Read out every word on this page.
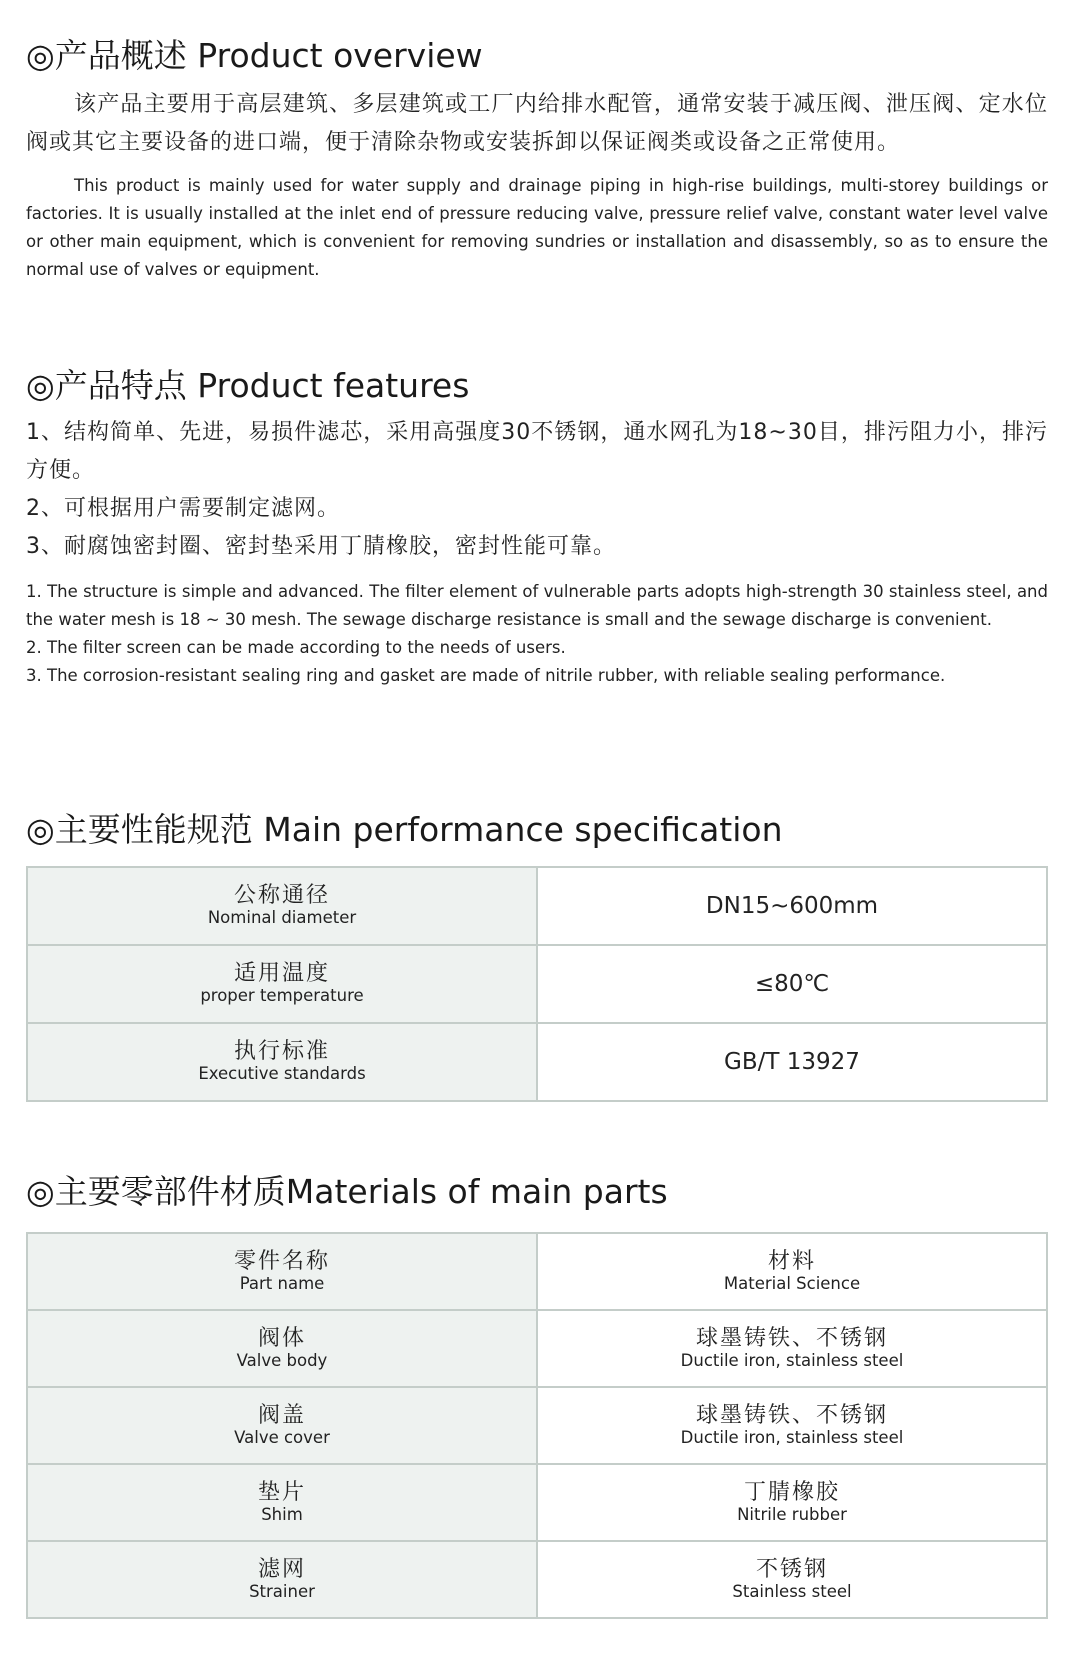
◎产品概述 Product overview

该产品主要用于高层建筑、多层建筑或工厂内给排水配管，通常安装于减压阀、泄压阀、定水位阀或其它主要设备的进口端，便于清除杂物或安装拆卸以保证阀类或设备之正常使用。

This product is mainly used for water supply and drainage piping in high-rise buildings, multi-storey buildings or factories. It is usually installed at the inlet end of pressure reducing valve, pressure relief valve, constant water level valve or other main equipment, which is convenient for removing sundries or installation and disassembly, so as to ensure the normal use of valves or equipment.

◎产品特点 Product features

1、结构简单、先进，易损件滤芯，采用高强度30不锈钢，通水网孔为18~30目，排污阻力小，排污方便。

2、可根据用户需要制定滤网。

3、耐腐蚀密封圈、密封垫采用丁腈橡胶，密封性能可靠。

1. The structure is simple and advanced. The filter element of vulnerable parts adopts high-strength 30 stainless steel, and the water mesh is 18 ~ 30 mesh. The sewage discharge resistance is small and the sewage discharge is convenient.

2. The filter screen can be made according to the needs of users.

3. The corrosion-resistant sealing ring and gasket are made of nitrile rubber, with reliable sealing performance.

◎主要性能规范 Main performance specification
公称通径
Nominal diameter	DN15~600mm

适用温度
proper temperature	≤80℃

执行标准
Executive standards	GB/T 13927
◎主要零部件材质Materials of main parts
零件名称
Part name	材料
Material Science

阀体
Valve body	球墨铸铁、不锈钢
Ductile iron, stainless steel

阀盖
Valve cover	球墨铸铁、不锈钢
Ductile iron, stainless steel

垫片
Shim	丁腈橡胶
Nitrile rubber

滤网
Strainer	不锈钢
Stainless steel
